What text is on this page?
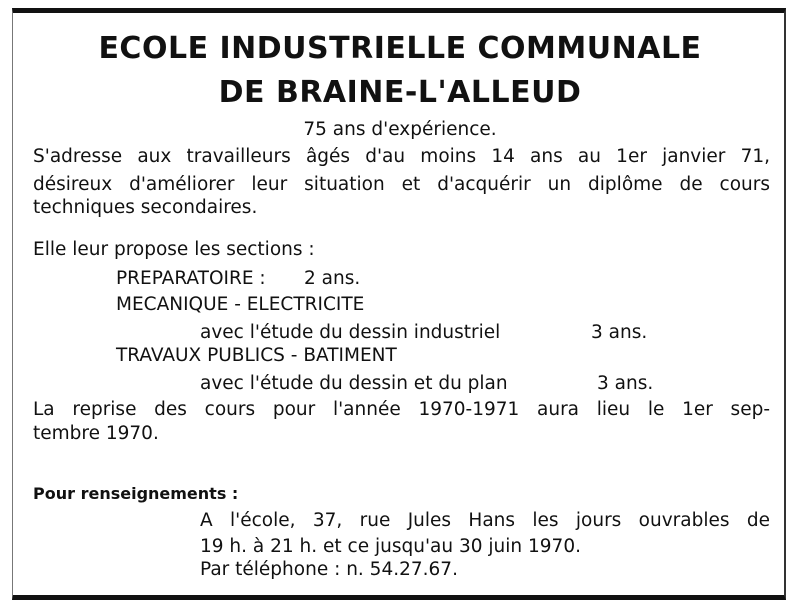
ECOLE INDUSTRIELLE COMMUNALE
DE BRAINE-L'ALLEUD
75 ans d'expérience.
S'adresse aux travailleurs âgés d'au moins 14 ans au 1er janvier 71,
désireux d'améliorer leur situation et d'acquérir un diplôme de cours
techniques secondaires.
Elle leur propose les sections :
PREPARATOIRE : 2 ans.
MECANIQUE - ELECTRICITE
avec l'étude du dessin industriel	3 ans.
TRAVAUX PUBLICS - BATIMENT
avec l'étude du dessin et du plan	3 ans.
La reprise des cours pour l'année 1970-1971 aura lieu le 1er sep-
tembre 1970.
Pour renseignements :
A l'école, 37, rue Jules Hans les jours ouvrables de
19 h. à 21 h. et ce jusqu'au 30 juin 1970.
Par téléphone : n. 54.27.67.
